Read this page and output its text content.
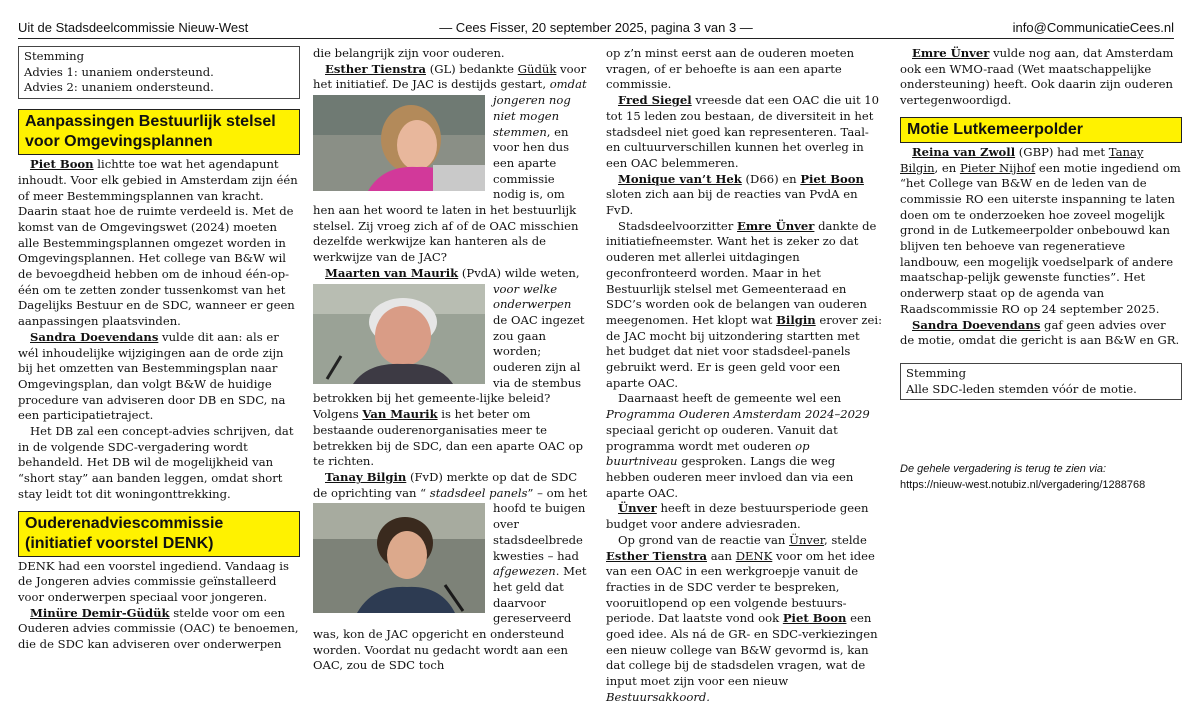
Uit de Stadsdeelcommissie Nieuw-West	— Cees Fisser, 20 september 2025, pagina 3 van 3 —	info@CommunicatieCees.nl
Stemming
Advies 1: unaniem ondersteund.
Advies 2: unaniem ondersteund.
Aanpassingen Bestuurlijk stelsel voor Omgevingsplannen

Piet Boon lichtte toe wat het agendapunt inhoudt. Voor elk gebied in Amsterdam zijn één of meer Bestemmingsplannen van kracht. Daarin staat hoe de ruimte verdeeld is. Met de komst van de Omgevingswet (2024) moeten alle Bestemmingsplannen omgezet worden in Omgevingsplannen. Het college van B&W wil de bevoegdheid hebben om de inhoud één-op-één om te zetten zonder tussenkomst van het Dagelijks Bestuur en de SDC, wanneer er geen aanpassingen plaatsvinden.

Sandra Doevendans vulde dit aan: als er wél inhoudelijke wijzigingen aan de orde zijn bij het omzetten van Bestemmingsplan naar Omgevingsplan, dan volgt B&W de huidige procedure van adviseren door DB en SDC, na een participatietraject.

Het DB zal een concept-advies schrijven, dat in de volgende SDC-vergadering wordt behandeld. Het DB wil de mogelijkheid van “short stay” aan banden leggen, omdat short stay leidt tot dit woningonttrekking.

Ouderenadviescommissie (initiatief voorstel DENK)

DENK had een voorstel ingediend. Vandaag is de Jongeren advies commissie geïnstalleerd voor onderwerpen speciaal voor jongeren.

Minüre Demir-Güdük stelde voor om een Ouderen advies commissie (OAC) te benoemen, die de SDC kan adviseren over onderwerpen

die belangrijk zijn voor ouderen.

Esther Tienstra (GL) bedankte Güdük voor het initiatief. De JAC is destijds gestart,
omdat jongeren nog niet mogen stemmen, en voor hen dus een aparte commissie nodig is, om hen aan het woord te laten in het bestuurlijk stelsel. Zij vroeg zich af of de OAC misschien dezelfde werkwijze kan hanteren als de werkwijze van de JAC?

Maarten van Maurik (PvdA) wilde weten,
voor welke onderwerpen de OAC ingezet zou gaan worden; ouderen zijn al via de stembus betrokken bij het gemeente-lijke beleid?

Volgens Van Maurik is het beter om bestaande ouderenorganisaties meer te betrekken bij de SDC, dan een aparte OAC op te richten.

Tanay Bilgin (FvD) merkte op dat de SDC de oprichting van “ stadsdeel panels” – om het hoofd te buigen over stadsdeelbrede kwesties – had afgewezen. Met het geld dat daarvoor gereserveerd was, kon de JAC opgericht en ondersteund worden. Voordat nu gedacht wordt aan een OAC, zou de SDC toch

op z’n minst eerst aan de ouderen moeten vragen, of er behoefte is aan een aparte commissie.

Fred Siegel vreesde dat een OAC die uit 10 tot 15 leden zou bestaan, de diversiteit in het stadsdeel niet goed kan representeren. Taal- en cultuurverschillen kunnen het overleg in een OAC belemmeren.

Monique van’t Hek (D66) en Piet Boon sloten zich aan bij de reacties van PvdA en FvD.

Stadsdeelvoorzitter Emre Ünver dankte de initiatiefneemster. Want het is zeker zo dat ouderen met allerlei uitdagingen geconfronteerd worden. Maar in het Bestuurlijk stelsel met Gemeenteraad en SDC’s worden ook de belangen van ouderen meegenomen. Het klopt wat Bilgin erover zei: de JAC mocht bij uitzondering startten met het budget dat niet voor stadsdeel-panels gebruikt werd. Er is geen geld voor een aparte OAC.

Daarnaast heeft de gemeente wel een Programma Ouderen Amsterdam 2024–2029 speciaal gericht op ouderen. Vanuit dat programma wordt met ouderen op buurtniveau gesproken. Langs die weg hebben ouderen meer invloed dan via een aparte OAC.

Ünver heeft in deze bestuursperiode geen budget voor andere adviesraden.

Op grond van de reactie van Ünver, stelde Esther Tienstra aan DENK voor om het idee van een OAC in een werkgroepje vanuit de fracties in de SDC verder te bespreken, vooruitlopend op een volgende bestuurs-periode. Dat laatste vond ook Piet Boon een goed idee. Als ná de GR- en SDC-verkiezingen een nieuw college van B&W gevormd is, kan dat college bij de stadsdelen vragen, wat de input moet zijn voor een nieuw Bestuursakkoord.

Emre Ünver vulde nog aan, dat Amsterdam ook een WMO-raad (Wet maatschappelijke ondersteuning) heeft. Ook daarin zijn ouderen vertegenwoordigd.

Motie Lutkemeerpolder

Reina van Zwoll (GBP) had met Tanay Bilgin, en Pieter Nijhof een motie ingediend om “het College van B&W en de leden van de commissie RO een uiterste inspanning te laten doen om te onderzoeken hoe zoveel mogelijk grond in de Lutkemeerpolder onbebouwd kan blijven ten behoeve van regeneratieve landbouw, een mogelijk voedselpark of andere maatschap-pelijk gewenste functies”. Het onderwerp staat op de agenda van Raadscommissie RO op 24 september 2025.

Sandra Doevendans gaf geen advies over de motie, omdat die gericht is aan B&W en GR.

Stemming
Alle SDC-leden stemden vóór de motie.

De gehele vergadering is terug te zien via:

https://nieuw-west.notubiz.nl/vergadering/1288768
